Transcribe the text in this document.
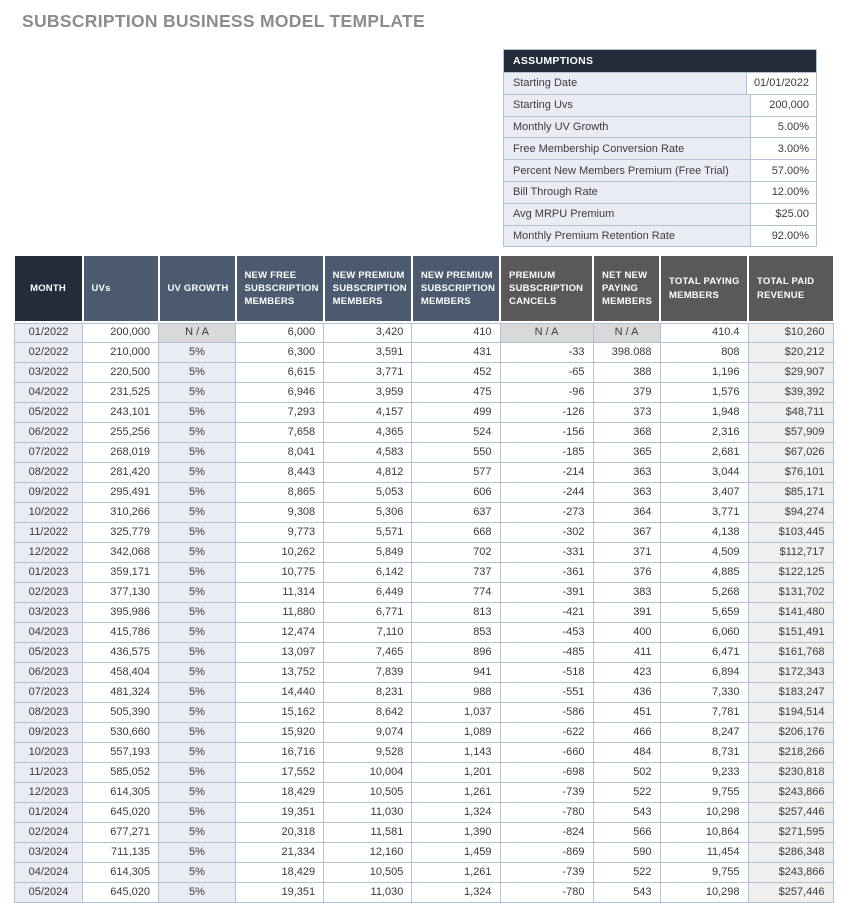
SUBSCRIPTION BUSINESS MODEL TEMPLATE
ASSUMPTIONS
Starting Date	01/01/2022
Starting Uvs	200,000
Monthly UV Growth	5.00%
Free Membership Conversion Rate	3.00%
Percent New Members Premium (Free Trial)	57.00%
Bill Through Rate	12.00%
Avg MRPU Premium	$25.00
Monthly Premium Retention Rate	92.00%
MONTH	UVs	UV GROWTH	NEW FREE SUBSCRIPTION MEMBERS	NEW PREMIUM SUBSCRIPTION MEMBERS	NEW PREMIUM SUBSCRIPTION MEMBERS	PREMIUM SUBSCRIPTION CANCELS	NET NEW PAYING MEMBERS	TOTAL PAYING MEMBERS	TOTAL PAID REVENUE
01/2022	200,000	N / A	6,000	3,420	410	N / A	N / A	410.4	$10,260
02/2022	210,000	5%	6,300	3,591	431	-33	398.088	808	$20,212
03/2022	220,500	5%	6,615	3,771	452	-65	388	1,196	$29,907
04/2022	231,525	5%	6,946	3,959	475	-96	379	1,576	$39,392
05/2022	243,101	5%	7,293	4,157	499	-126	373	1,948	$48,711
06/2022	255,256	5%	7,658	4,365	524	-156	368	2,316	$57,909
07/2022	268,019	5%	8,041	4,583	550	-185	365	2,681	$67,026
08/2022	281,420	5%	8,443	4,812	577	-214	363	3,044	$76,101
09/2022	295,491	5%	8,865	5,053	606	-244	363	3,407	$85,171
10/2022	310,266	5%	9,308	5,306	637	-273	364	3,771	$94,274
11/2022	325,779	5%	9,773	5,571	668	-302	367	4,138	$103,445
12/2022	342,068	5%	10,262	5,849	702	-331	371	4,509	$112,717
01/2023	359,171	5%	10,775	6,142	737	-361	376	4,885	$122,125
02/2023	377,130	5%	11,314	6,449	774	-391	383	5,268	$131,702
03/2023	395,986	5%	11,880	6,771	813	-421	391	5,659	$141,480
04/2023	415,786	5%	12,474	7,110	853	-453	400	6,060	$151,491
05/2023	436,575	5%	13,097	7,465	896	-485	411	6,471	$161,768
06/2023	458,404	5%	13,752	7,839	941	-518	423	6,894	$172,343
07/2023	481,324	5%	14,440	8,231	988	-551	436	7,330	$183,247
08/2023	505,390	5%	15,162	8,642	1,037	-586	451	7,781	$194,514
09/2023	530,660	5%	15,920	9,074	1,089	-622	466	8,247	$206,176
10/2023	557,193	5%	16,716	9,528	1,143	-660	484	8,731	$218,266
11/2023	585,052	5%	17,552	10,004	1,201	-698	502	9,233	$230,818
12/2023	614,305	5%	18,429	10,505	1,261	-739	522	9,755	$243,866
01/2024	645,020	5%	19,351	11,030	1,324	-780	543	10,298	$257,446
02/2024	677,271	5%	20,318	11,581	1,390	-824	566	10,864	$271,595
03/2024	711,135	5%	21,334	12,160	1,459	-869	590	11,454	$286,348
04/2024	614,305	5%	18,429	10,505	1,261	-739	522	9,755	$243,866
05/2024	645,020	5%	19,351	11,030	1,324	-780	543	10,298	$257,446
